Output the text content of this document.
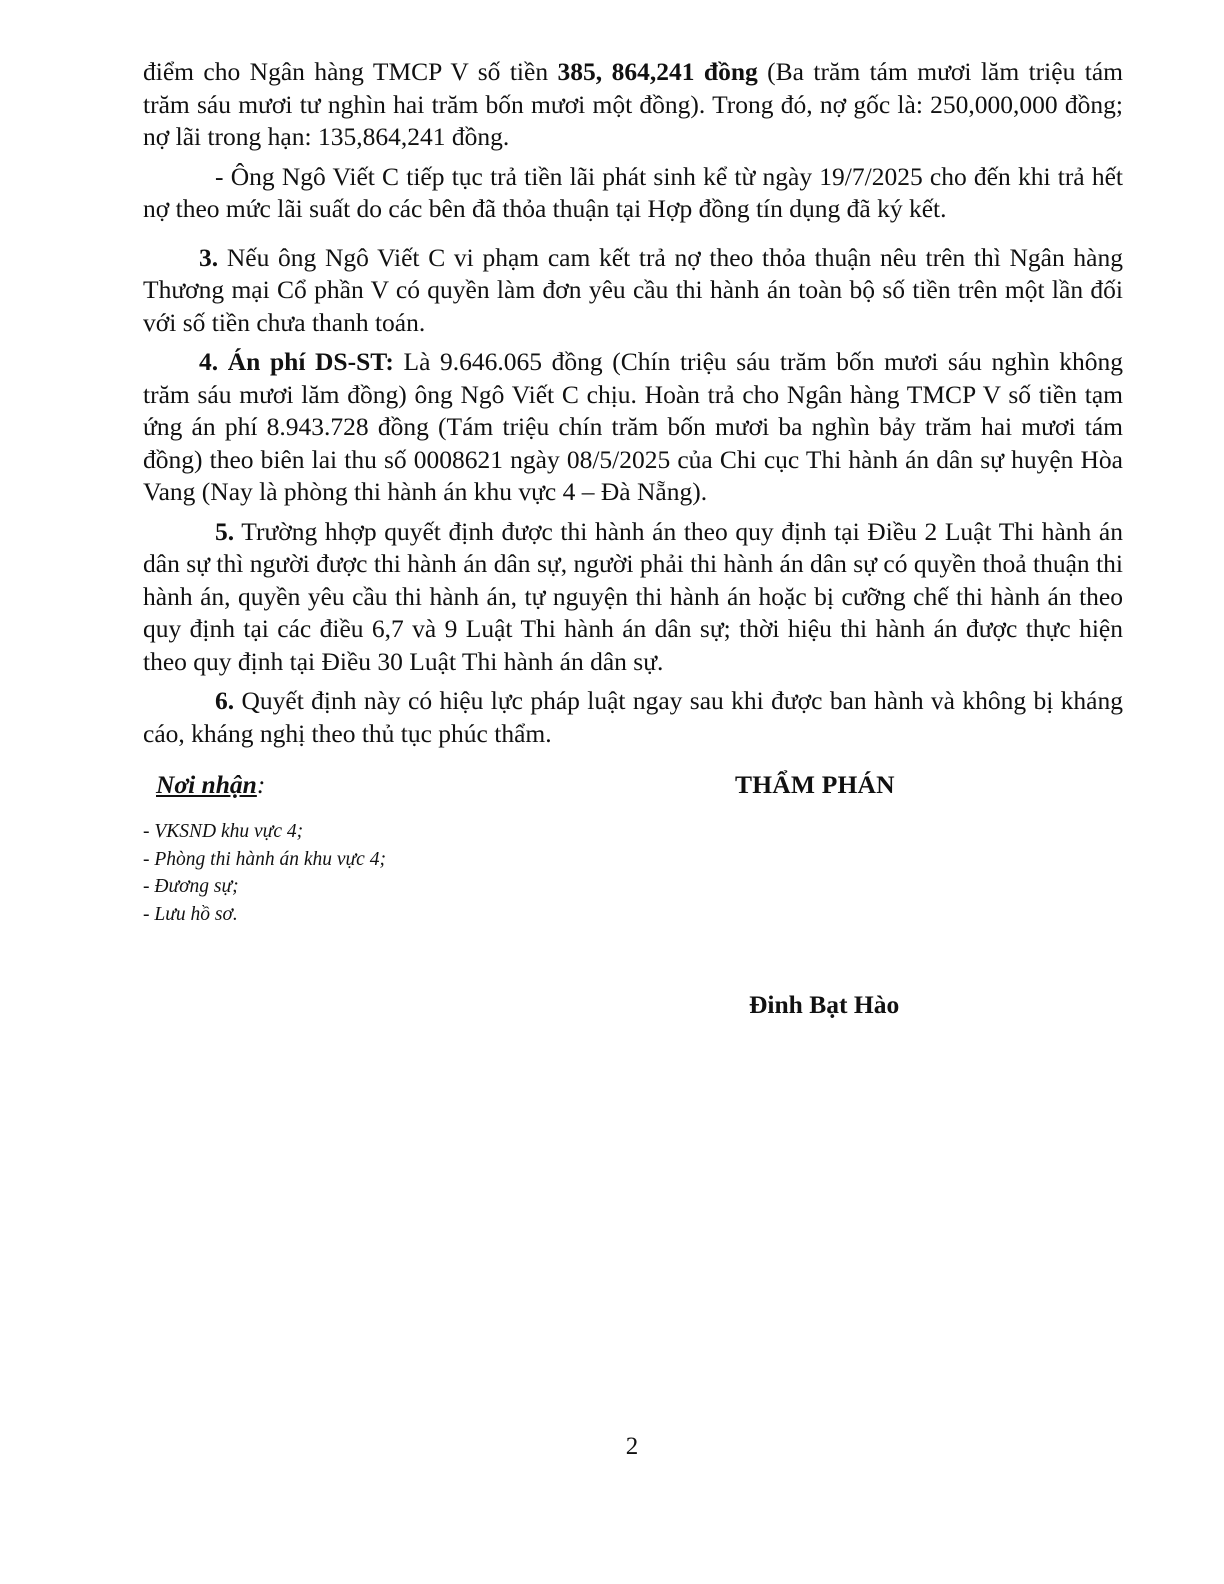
điểm cho Ngân hàng TMCP V số tiền 385, 864,241 đồng (Ba trăm tám mươi lăm triệu tám trăm sáu mươi tư nghìn hai trăm bốn mươi một đồng). Trong đó, nợ gốc là: 250,000,000 đồng; nợ lãi trong hạn: 135,864,241 đồng.

- Ông Ngô Viết C tiếp tục trả tiền lãi phát sinh kể từ ngày 19/7/2025 cho đến khi trả hết nợ theo mức lãi suất do các bên đã thỏa thuận tại Hợp đồng tín dụng đã ký kết.

3. Nếu ông Ngô Viết C vi phạm cam kết trả nợ theo thỏa thuận nêu trên thì Ngân hàng Thương mại Cổ phần V có quyền làm đơn yêu cầu thi hành án toàn bộ số tiền trên một lần đối với số tiền chưa thanh toán.

4. Án phí DS-ST: Là 9.646.065 đồng (Chín triệu sáu trăm bốn mươi sáu nghìn không trăm sáu mươi lăm đồng) ông Ngô Viết C chịu. Hoàn trả cho Ngân hàng TMCP V số tiền tạm ứng án phí 8.943.728 đồng (Tám triệu chín trăm bốn mươi ba nghìn bảy trăm hai mươi tám đồng) theo biên lai thu số 0008621 ngày 08/5/2025 của Chi cục Thi hành án dân sự huyện Hòa Vang (Nay là phòng thi hành án khu vực 4 – Đà Nẵng).

5. Trường hhợp quyết định được thi hành án theo quy định tại Điều 2 Luật Thi hành án dân sự thì người được thi hành án dân sự, người phải thi hành án dân sự có quyền thoả thuận thi hành án, quyền yêu cầu thi hành án, tự nguyện thi hành án hoặc bị cưỡng chế thi hành án theo quy định tại các điều 6,7 và 9 Luật Thi hành án dân sự; thời hiệu thi hành án được thực hiện theo quy định tại Điều 30 Luật Thi hành án dân sự.

6. Quyết định này có hiệu lực pháp luật ngay sau khi được ban hành và không bị kháng cáo, kháng nghị theo thủ tục phúc thẩm.

Nơi nhận:
- VKSND khu vực 4;
- Phòng thi hành án khu vực 4;
- Đương sự;
- Lưu hồ sơ.
THẨM PHÁN
Đinh Bạt Hào
2
